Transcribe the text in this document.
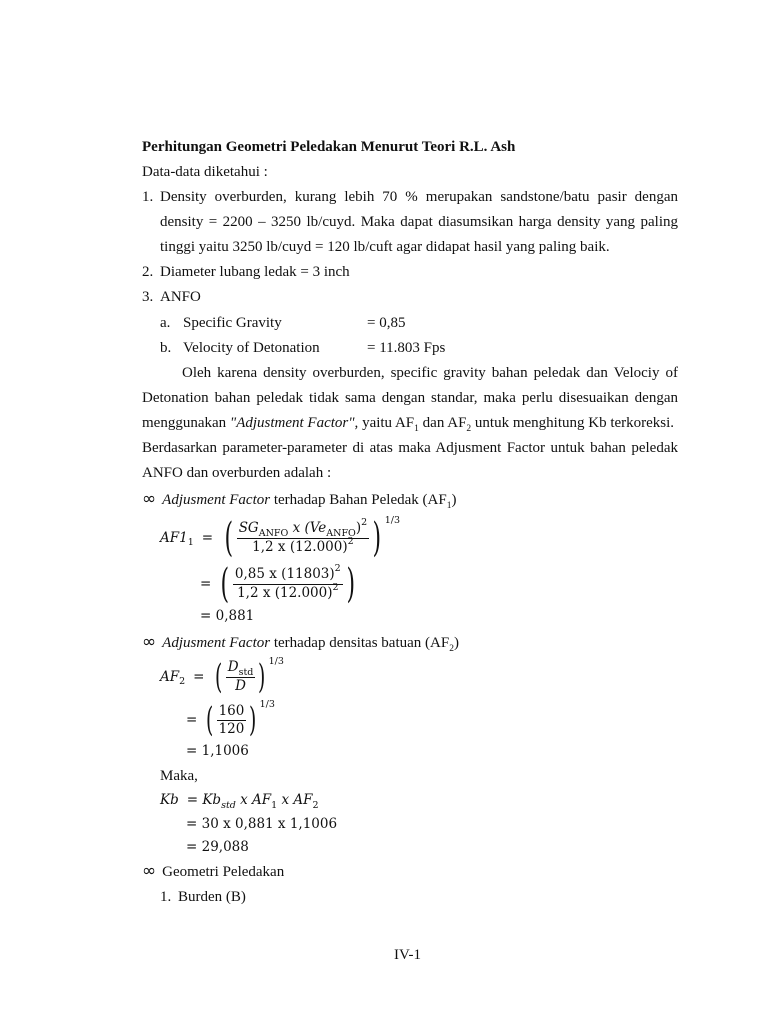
Perhitungan Geometri Peledakan Menurut Teori R.L. Ash
Data-data diketahui :
1. Density overburden, kurang lebih 70 % merupakan sandstone/batu pasir dengan
density = 2200 – 3250 lb/cuyd. Maka dapat diasumsikan harga density yang paling
tinggi yaitu 3250 lb/cuyd = 120 lb/cuft agar didapat hasil yang paling baik.
2. Diameter lubang ledak = 3 inch
3. ANFO
a. Specific Gravity	= 0,85
b. Velocity of Detonation	= 11.803 Fps
Oleh karena density overburden, specific gravity bahan peledak dan Velociy of
Detonation bahan peledak tidak sama dengan standar, maka perlu disesuaikan dengan
menggunakan "Adjustment Factor", yaitu $AF_1$ dan $AF_2$ untuk menghitung Kb terkoreksi.
Berdasarkan parameter-parameter di atas maka Adjusment Factor untuk bahan peledak
ANFO dan overburden adalah :
∞ Adjusment Factor terhadap Bahan Peledak $(AF_1)$
AF1 1 = ( $\frac{SG_{ANFO} x (Ve_{ANFO})^2}{1,2 x (12.000)^2}$ ) 1/3
= ( $\frac{0,85 x (11803)^2}{1,2 x (12.000)^2}$ )
= 0,881
∞ Adjusment Factor terhadap densitas batuan $(AF_2)$
AF 2 = ( $\frac{D_{std}}{D}$ ) 1/3
= ( $\frac{160}{120}$ ) 1/3
= 1,1006
Maka,
$Kb = Kb_{std}$ x $AF_1$ x $AF_2$
= 30 x 0,881 x 1,1006
= 29,088
∞ Geometri Peledakan
1. Burden (B)
IV-1
